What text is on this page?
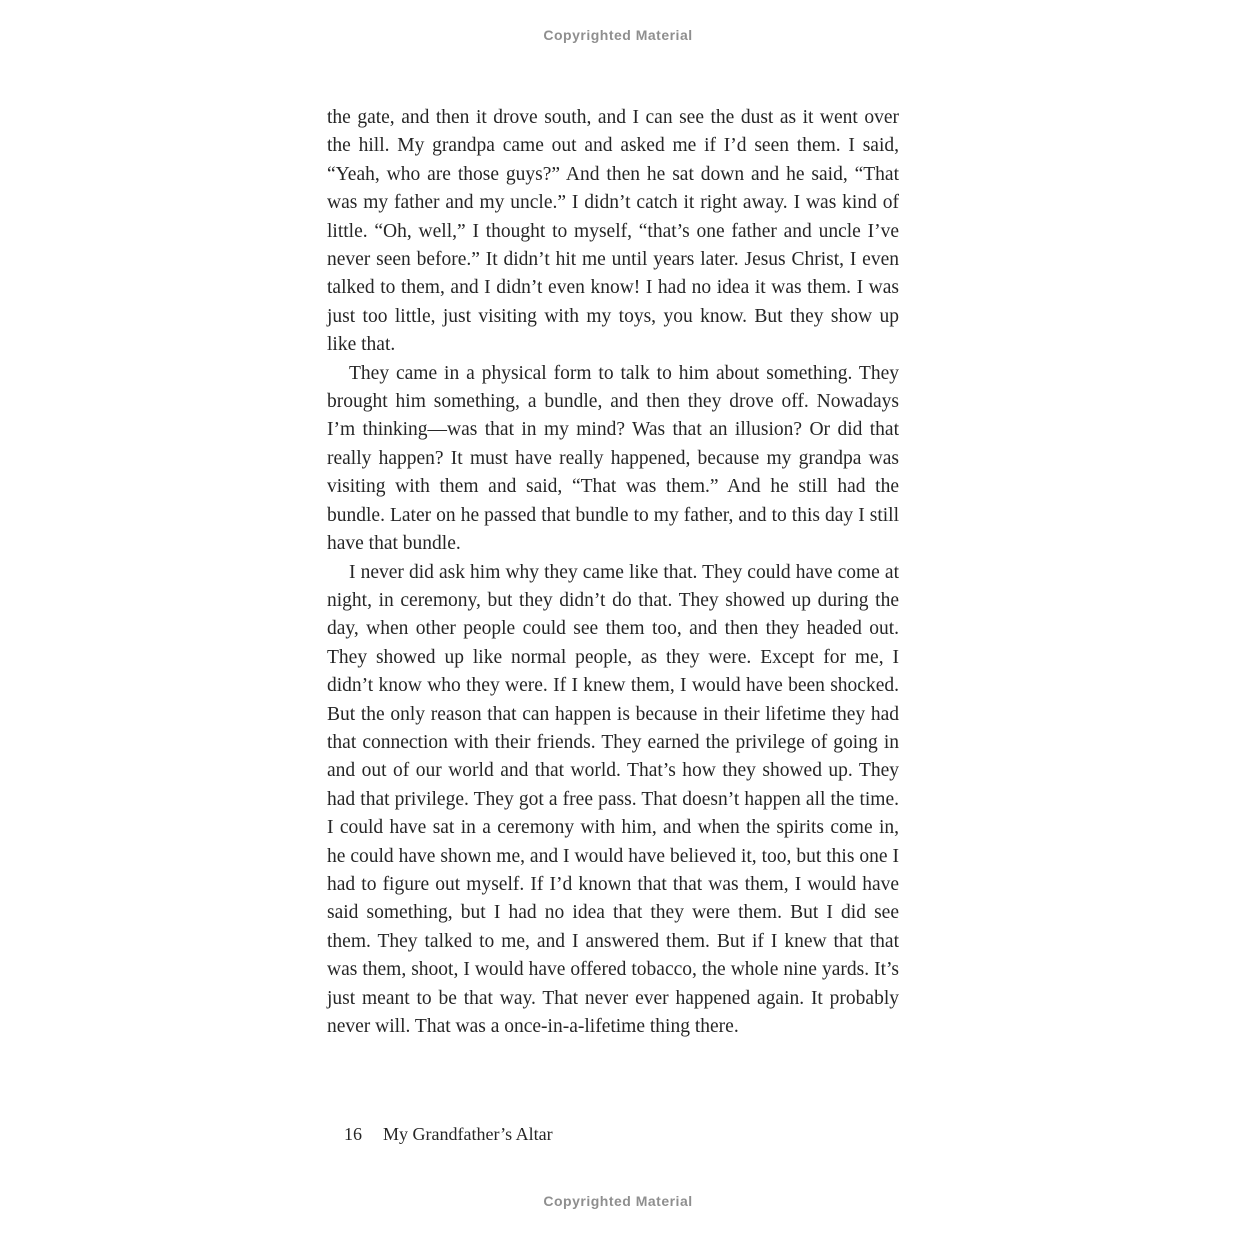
Copyrighted Material

the gate, and then it drove south, and I can see the dust as it went over the hill. My grandpa came out and asked me if I’d seen them. I said, “Yeah, who are those guys?” And then he sat down and he said, “That was my father and my uncle.” I didn’t catch it right away. I was kind of little. “Oh, well,” I thought to myself, “that’s one father and uncle I’ve never seen before.” It didn’t hit me until years later. Jesus Christ, I even talked to them, and I didn’t even know! I had no idea it was them. I was just too little, just visiting with my toys, you know. But they show up like that.

They came in a physical form to talk to him about something. They brought him something, a bundle, and then they drove off. Nowadays I’m thinking—was that in my mind? Was that an illusion? Or did that really happen? It must have really happened, because my grandpa was visiting with them and said, “That was them.” And he still had the bundle. Later on he passed that bundle to my father, and to this day I still have that bundle.

I never did ask him why they came like that. They could have come at night, in ceremony, but they didn’t do that. They showed up during the day, when other people could see them too, and then they headed out. They showed up like normal people, as they were. Except for me, I didn’t know who they were. If I knew them, I would have been shocked. But the only reason that can happen is because in their lifetime they had that connection with their friends. They earned the privilege of going in and out of our world and that world. That’s how they showed up. They had that privilege. They got a free pass. That doesn’t happen all the time. I could have sat in a ceremony with him, and when the spirits come in, he could have shown me, and I would have believed it, too, but this one I had to figure out myself. If I’d known that that was them, I would have said something, but I had no idea that they were them. But I did see them. They talked to me, and I answered them. But if I knew that that was them, shoot, I would have offered tobacco, the whole nine yards. It’s just meant to be that way. That never ever happened again. It probably never will. That was a once-in-a-lifetime thing there.

16 My Grandfather’s Altar
Copyrighted Material
